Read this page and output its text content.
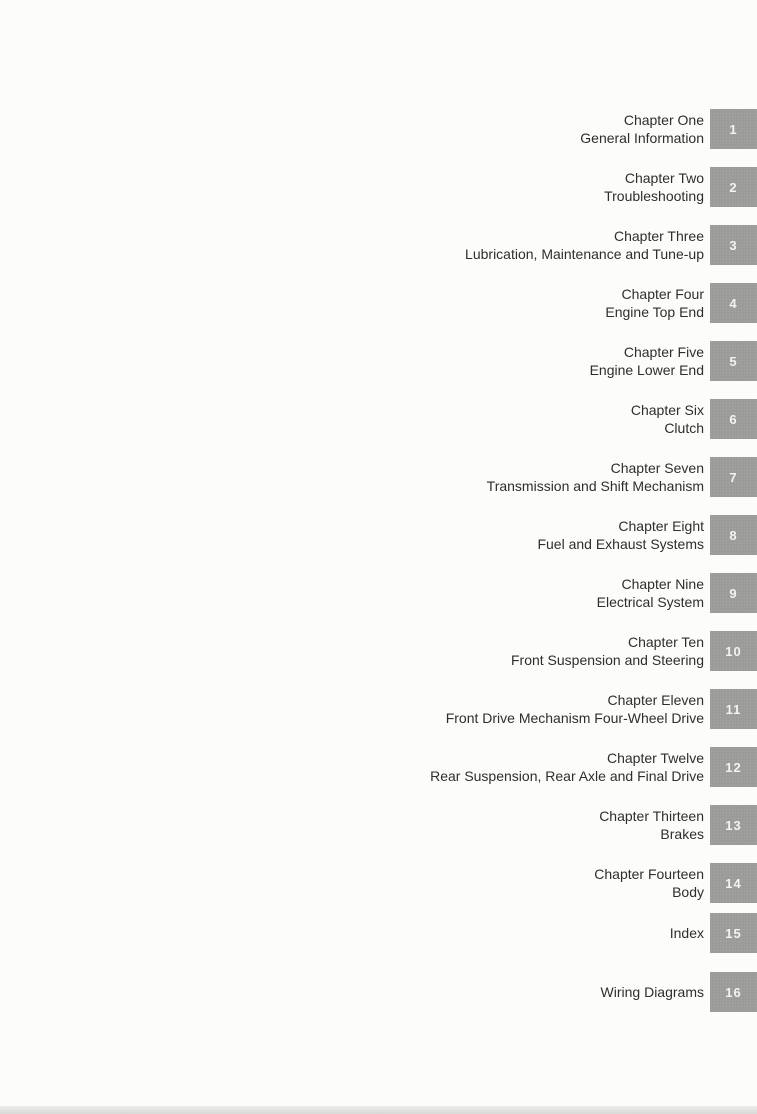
Chapter One
General Information
1
Chapter Two
Troubleshooting
2
Chapter Three
Lubrication, Maintenance and Tune-up
3
Chapter Four
Engine Top End
4
Chapter Five
Engine Lower End
5
Chapter Six
Clutch
6
Chapter Seven
Transmission and Shift Mechanism
7
Chapter Eight
Fuel and Exhaust Systems
8
Chapter Nine
Electrical System
9
Chapter Ten
Front Suspension and Steering
10
Chapter Eleven
Front Drive Mechanism Four-Wheel Drive
11
Chapter Twelve
Rear Suspension, Rear Axle and Final Drive
12
Chapter Thirteen
Brakes
13
Chapter Fourteen
Body
14
Index	15
Wiring Diagrams	16
